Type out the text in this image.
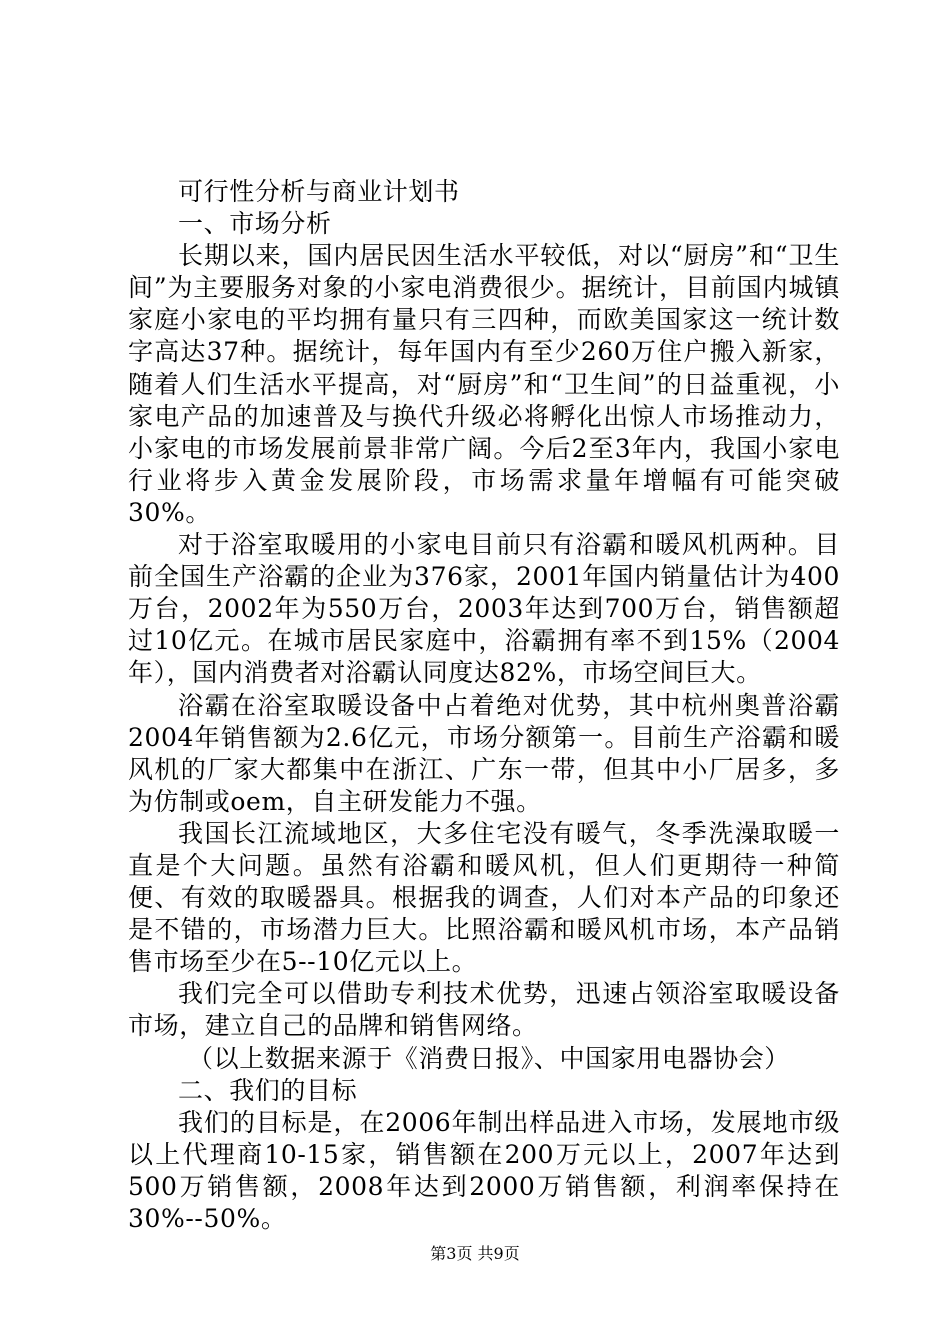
可行性分析与商业计划书

一、市场分析

长期以来，国内居民因生活水平较低，对以“厨房”和“卫生间”为主要服务对象的小家电消费很少。据统计，目前国内城镇家庭小家电的平均拥有量只有三四种，而欧美国家这一统计数字高达37种。据统计，每年国内有至少260万住户搬入新家，随着人们生活水平提高，对“厨房”和“卫生间”的日益重视，小家电产品的加速普及与换代升级必将孵化出惊人市场推动力，小家电的市场发展前景非常广阔。今后2至3年内，我国小家电行业将步入黄金发展阶段，市场需求量年增幅有可能突破30%。

对于浴室取暖用的小家电目前只有浴霸和暖风机两种。目前全国生产浴霸的企业为376家，2001年国内销量估计为400万台，2002年为550万台，2003年达到700万台，销售额超过10亿元。在城市居民家庭中，浴霸拥有率不到15%（2004年），国内消费者对浴霸认同度达82%，市场空间巨大。

浴霸在浴室取暖设备中占着绝对优势，其中杭州奥普浴霸2004年销售额为2.6亿元，市场分额第一。目前生产浴霸和暖风机的厂家大都集中在浙江、广东一带，但其中小厂居多，多为仿制或oem，自主研发能力不强。

我国长江流域地区，大多住宅没有暖气，冬季洗澡取暖一直是个大问题。虽然有浴霸和暖风机，但人们更期待一种简便、有效的取暖器具。根据我的调查，人们对本产品的印象还是不错的，市场潜力巨大。比照浴霸和暖风机市场，本产品销售市场至少在5--10亿元以上。

我们完全可以借助专利技术优势，迅速占领浴室取暖设备市场，建立自己的品牌和销售网络。

（以上数据来源于《消费日报》、中国家用电器协会）

二、我们的目标

我们的目标是，在2006年制出样品进入市场，发展地市级以上代理商10-15家，销售额在200万元以上，2007年达到500万销售额，2008年达到2000万销售额，利润率保持在30%--50%。

第3页 共9页
